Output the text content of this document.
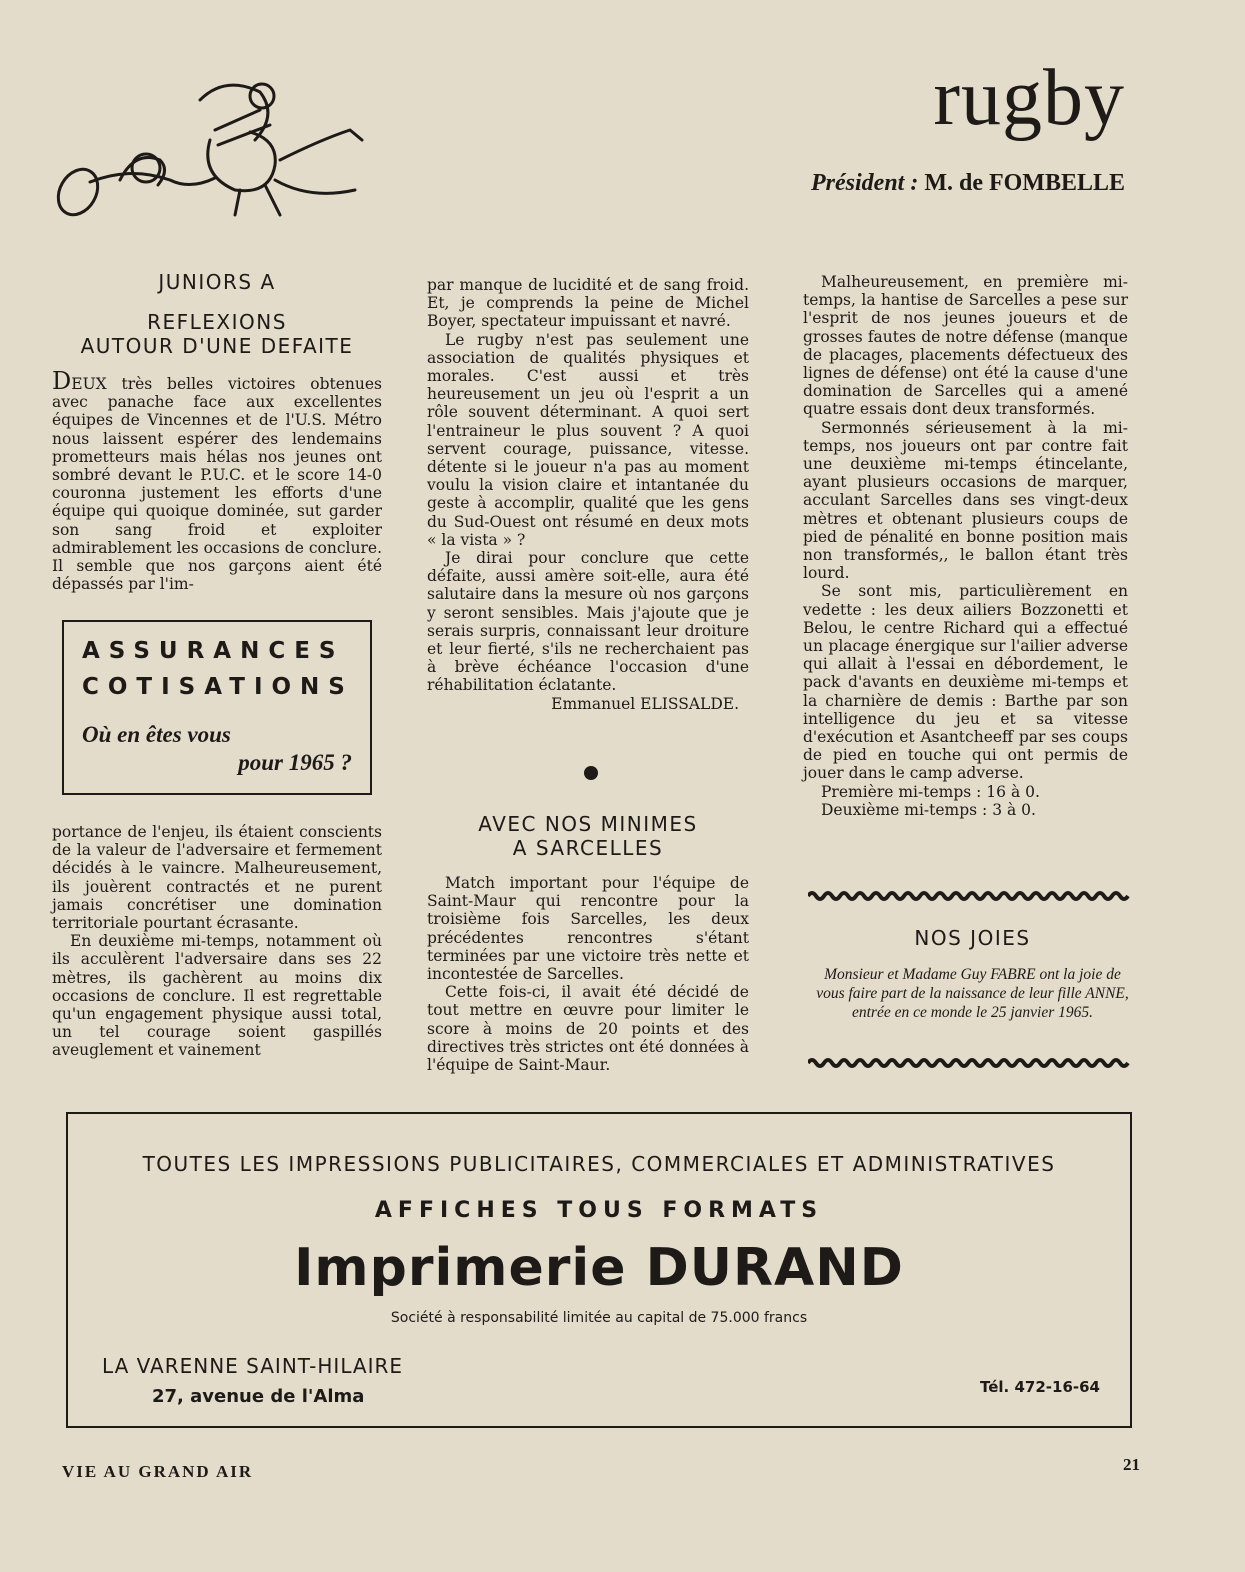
rugby
Président : M. de FOMBELLE
JUNIORS A
REFLEXIONS
AUTOUR D'UNE DEFAITE

DEUX très belles victoires obtenues avec panache face aux excellentes équipes de Vincennes et de l'U.S. Métro nous laissent espérer des lendemains prometteurs mais hélas nos jeunes ont sombré devant le P.U.C. et le score 14-0 couronna justement les efforts d'une équipe qui quoique dominée, sut garder son sang froid et exploiter admirablement les occasions de conclure. Il semble que nos garçons aient été dépassés par l'im-

ASSURANCES
COTISATIONS
Où en êtes vous
pour 1965 ?

portance de l'enjeu, ils étaient conscients de la valeur de l'adversaire et fermement décidés à le vaincre. Malheureusement, ils jouèrent contractés et ne purent jamais concrétiser une domination territoriale pourtant écrasante.

En deuxième mi-temps, notamment où ils acculèrent l'adversaire dans ses 22 mètres, ils gachèrent au moins dix occasions de conclure. Il est regrettable qu'un engagement physique aussi total, un tel courage soient gaspillés aveuglement et vainement

par manque de lucidité et de sang froid. Et, je comprends la peine de Michel Boyer, spectateur impuissant et navré.

Le rugby n'est pas seulement une association de qualités physiques et morales. C'est aussi et très heureusement un jeu où l'esprit a un rôle souvent déterminant. A quoi sert l'entraineur le plus souvent ? A quoi servent courage, puissance, vitesse. détente si le joueur n'a pas au moment voulu la vision claire et intantanée du geste à accomplir, qualité que les gens du Sud-Ouest ont résumé en deux mots « la vista » ?

Je dirai pour conclure que cette défaite, aussi amère soit-elle, aura été salutaire dans la mesure où nos garçons y seront sensibles. Mais j'ajoute que je serais surpris, connaissant leur droiture et leur fierté, s'ils ne recherchaient pas à brève échéance l'occasion d'une réhabilitation éclatante.

Emmanuel ELISSALDE.
AVEC NOS MINIMES
A SARCELLES

Match important pour l'équipe de Saint-Maur qui rencontre pour la troisième fois Sarcelles, les deux précédentes rencontres s'étant terminées par une victoire très nette et incontestée de Sarcelles.

Cette fois-ci, il avait été décidé de tout mettre en œuvre pour limiter le score à moins de 20 points et des directives très strictes ont été données à l'équipe de Saint-Maur.

Malheureusement, en première mi-temps, la hantise de Sarcelles a pese sur l'esprit de nos jeunes joueurs et de grosses fautes de notre défense (manque de placages, placements défectueux des lignes de défense) ont été la cause d'une domination de Sarcelles qui a amené quatre essais dont deux transformés.

Sermonnés sérieusement à la mi-temps, nos joueurs ont par contre fait une deuxième mi-temps étincelante, ayant plusieurs occasions de marquer, acculant Sarcelles dans ses vingt-deux mètres et obtenant plusieurs coups de pied de pénalité en bonne position mais non transformés,, le ballon étant très lourd.

Se sont mis, particulièrement en vedette : les deux ailiers Bozzonetti et Belou, le centre Richard qui a effectué un placage énergique sur l'ailier adverse qui allait à l'essai en débordement, le pack d'avants en deuxième mi-temps et la charnière de demis : Barthe par son intelligence du jeu et sa vitesse d'exécution et Asantcheeff par ses coups de pied en touche qui ont permis de jouer dans le camp adverse.

Première mi-temps : 16 à 0.

Deuxième mi-temps : 3 à 0.

NOS JOIES
Monsieur et Madame Guy FABRE ont la joie de vous faire part de la naissance de leur fille ANNE, entrée en ce monde le 25 janvier 1965.
TOUTES LES IMPRESSIONS PUBLICITAIRES, COMMERCIALES ET ADMINISTRATIVES
AFFICHES TOUS FORMATS
Imprimerie DURAND
Société à responsabilité limitée au capital de 75.000 francs
LA VARENNE SAINT-HILAIRE
27, avenue de l'Alma	Tél. 472-16-64
VIE AU GRAND AIR	21
